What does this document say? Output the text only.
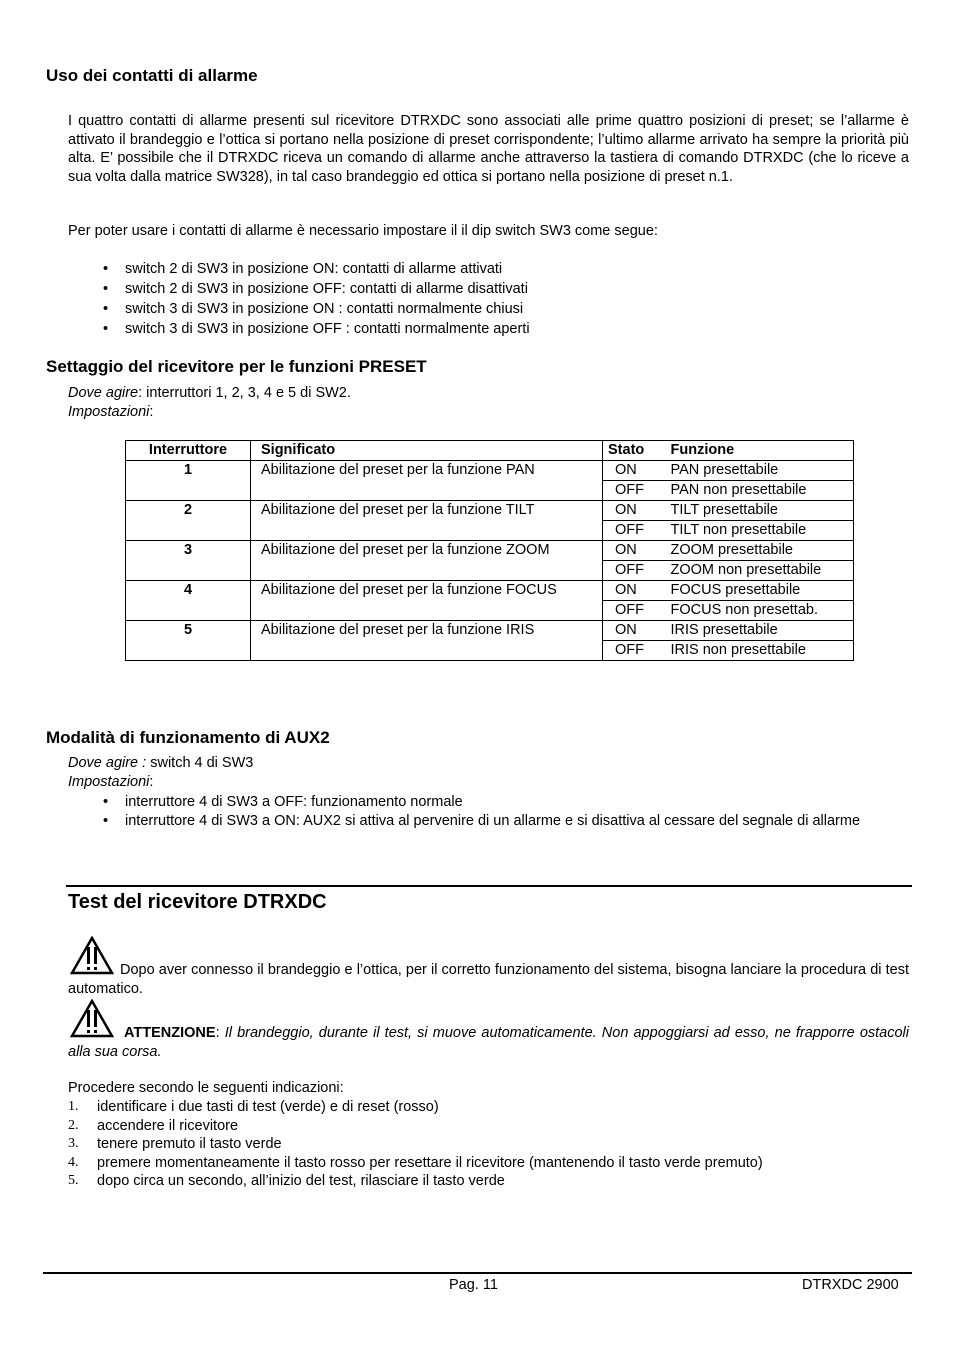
Uso dei contatti di allarme

I quattro contatti di allarme presenti sul ricevitore DTRXDC sono associati alle prime quattro posizioni di preset; se l’allarme è attivato il brandeggio e l’ottica si portano nella posizione di preset corrispondente; l’ultimo allarme arrivato ha sempre la priorità più alta. E’ possibile che il DTRXDC riceva un comando di allarme anche attraverso la tastiera di comando DTRXDC (che lo riceve a sua volta dalla matrice SW328), in tal caso brandeggio ed ottica si portano nella posizione di preset n.1.

Per poter usare i contatti di allarme è necessario impostare il il dip switch SW3 come segue:

• switch 2 di SW3 in posizione ON: contatti di allarme attivati
• switch 2 di SW3 in posizione OFF: contatti di allarme disattivati
• switch 3 di SW3 in posizione ON : contatti normalmente chiusi
• switch 3 di SW3 in posizione OFF : contatti normalmente aperti
Settaggio del ricevitore per le funzioni PRESET

Dove agire: interruttori 1, 2, 3, 4 e 5 di SW2.

Impostazioni:

Interruttore	Significato	Stato	Funzione
1	Abilitazione del preset per la funzione PAN	ON	PAN presettabile
		OFF	PAN non presettabile
2	Abilitazione del preset per la funzione TILT	ON	TILT presettabile
		OFF	TILT non presettabile
3	Abilitazione del preset per la funzione ZOOM	ON	ZOOM presettabile
		OFF	ZOOM non presettabile
4	Abilitazione del preset per la funzione FOCUS	ON	FOCUS presettabile
		OFF	FOCUS non presettab.
5	Abilitazione del preset per la funzione IRIS	ON	IRIS presettabile
		OFF	IRIS non presettabile
Modalità di funzionamento di AUX2

Dove agire : switch 4 di SW3

Impostazioni:

• interruttore 4 di SW3 a OFF: funzionamento normale
• interruttore 4 di SW3 a ON: AUX2 si attiva al pervenire di un allarme e si disattiva al cessare del segnale di allarme
Test del ricevitore DTRXDC

Dopo aver connesso il brandeggio e l’ottica, per il corretto funzionamento del sistema, bisogna lanciare la procedura di test automatico.

ATTENZIONE: Il brandeggio, durante il test, si muove automaticamente. Non appoggiarsi ad esso, ne frapporre ostacoli alla sua corsa.

Procedere secondo le seguenti indicazioni:

1. identificare i due tasti di test (verde) e di reset (rosso)
2. accendere il ricevitore
3. tenere premuto il tasto verde
4. premere momentaneamente il tasto rosso per resettare il ricevitore (mantenendo il tasto verde premuto)
5. dopo circa un secondo, all’inizio del test, rilasciare il tasto verde
Pag. 11	DTRXDC 2900
